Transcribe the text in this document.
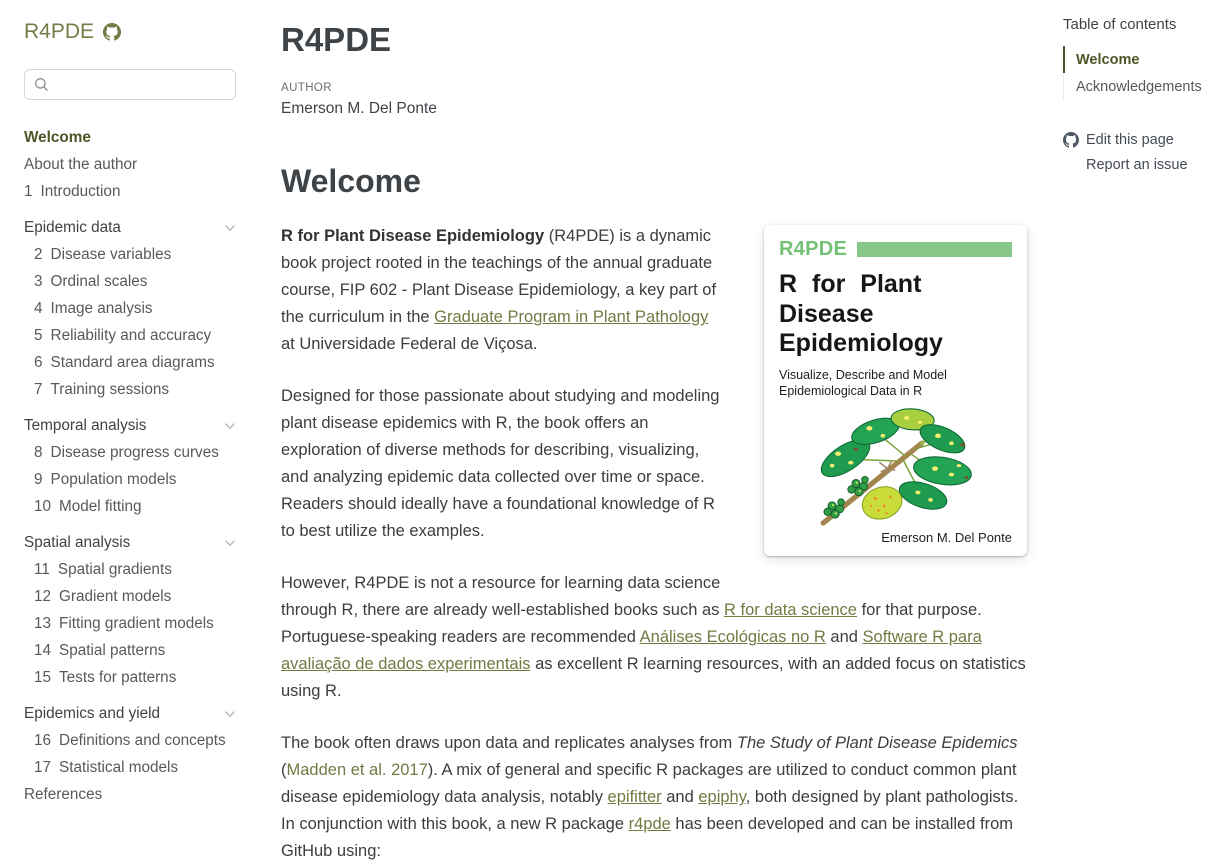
R4PDE
Welcome
About the author
1 Introduction
Epidemic data
2 Disease variables
3 Ordinal scales
4 Image analysis
5 Reliability and accuracy
6 Standard area diagrams
7 Training sessions
Temporal analysis
8 Disease progress curves
9 Population models
10 Model fitting
Spatial analysis
11 Spatial gradients
12 Gradient models
13 Fitting gradient models
14 Spatial patterns
15 Tests for patterns
Epidemics and yield
16 Definitions and concepts
17 Statistical models
References
R4PDE
AUTHOR
Emerson M. Del Ponte
Welcome
R4PDE
R for Plant Disease
Epidemiology
Visualize, Describe and Model
Epidemiological Data in R
Emerson M. Del Ponte

R for Plant Disease Epidemiology (R4PDE) is a dynamic book project rooted in the teachings of the annual graduate course, FIP 602 - Plant Disease Epidemiology, a key part of the curriculum in the Graduate Program in Plant Pathology at Universidade Federal de Viçosa.

Designed for those passionate about studying and modeling plant disease epidemics with R, the book offers an exploration of diverse methods for describing, visualizing, and analyzing epidemic data collected over time or space. Readers should ideally have a foundational knowledge of R to best utilize the examples.

However, R4PDE is not a resource for learning data science through R, there are already well-established books such as R for data science for that purpose. Portuguese-speaking readers are recommended Análises Ecológicas no R and Software R para avaliação de dados experimentais as excellent R learning resources, with an added focus on statistics using R.

The book often draws upon data and replicates analyses from The Study of Plant Disease Epidemics (Madden et al. 2017). A mix of general and specific R packages are utilized to conduct common plant disease epidemiology data analysis, notably epifitter and epiphy, both designed by plant pathologists. In conjunction with this book, a new R package r4pde has been developed and can be installed from GitHub using:

Table of contents
Welcome
Acknowledgements
Edit this page
Report an issue
